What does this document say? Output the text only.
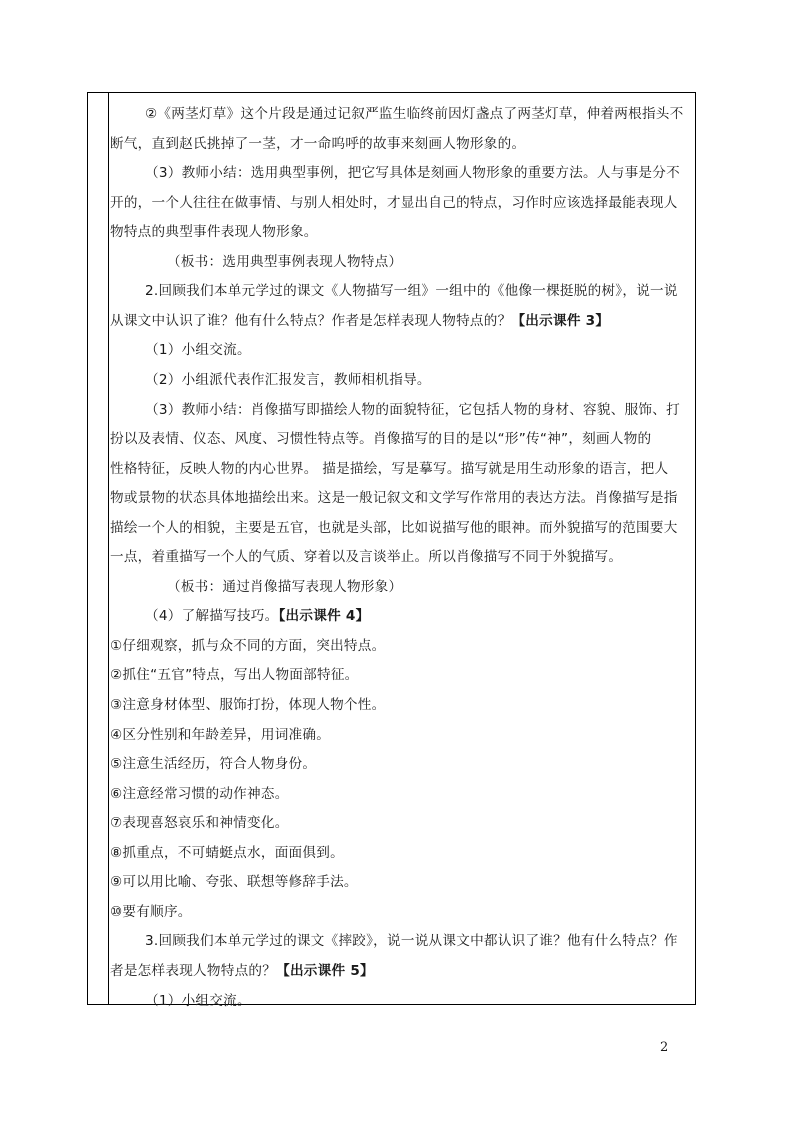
②《两茎灯草》这个片段是通过记叙严监生临终前因灯盏点了两茎灯草，伸着两根指头不
断气，直到赵氏挑掉了一茎，才一命呜呼的故事来刻画人物形象的。
（3）教师小结：选用典型事例，把它写具体是刻画人物形象的重要方法。人与事是分不
开的，一个人往往在做事情、与别人相处时，才显出自己的特点，习作时应该选择最能表现人
物特点的典型事件表现人物形象。
（板书：选用典型事例表现人物特点）
2.回顾我们本单元学过的课文《人物描写一组》一组中的《他像一棵挺脱的树》，说一说
从课文中认识了谁？他有什么特点？作者是怎样表现人物特点的？【出示课件 3】
（1）小组交流。
（2）小组派代表作汇报发言，教师相机指导。
（3）教师小结：肖像描写即描绘人物的面貌特征，它包括人物的身材、容貌、服饰、打
扮以及表情、仪态、风度、习惯性特点等。肖像描写的目的是以“形”传“神”，刻画人物的
性格特征，反映人物的内心世界。 描是描绘，写是摹写。描写就是用生动形象的语言，把人
物或景物的状态具体地描绘出来。这是一般记叙文和文学写作常用的表达方法。肖像描写是指
描绘一个人的相貌，主要是五官，也就是头部，比如说描写他的眼神。而外貌描写的范围要大
一点，着重描写一个人的气质、穿着以及言谈举止。所以肖像描写不同于外貌描写。
（板书：通过肖像描写表现人物形象）
（4）了解描写技巧。【出示课件 4】
①仔细观察，抓与众不同的方面，突出特点。
②抓住“五官”特点，写出人物面部特征。
③注意身材体型、服饰打扮，体现人物个性。
④区分性别和年龄差异，用词准确。
⑤注意生活经历，符合人物身份。
⑥注意经常习惯的动作神态。
⑦表现喜怒哀乐和神情变化。
⑧抓重点，不可蜻蜓点水，面面俱到。
⑨可以用比喻、夸张、联想等修辞手法。
⑩要有顺序。
3.回顾我们本单元学过的课文《摔跤》，说一说从课文中都认识了谁？他有什么特点？作
者是怎样表现人物特点的？【出示课件 5】
（1）小组交流。
2
